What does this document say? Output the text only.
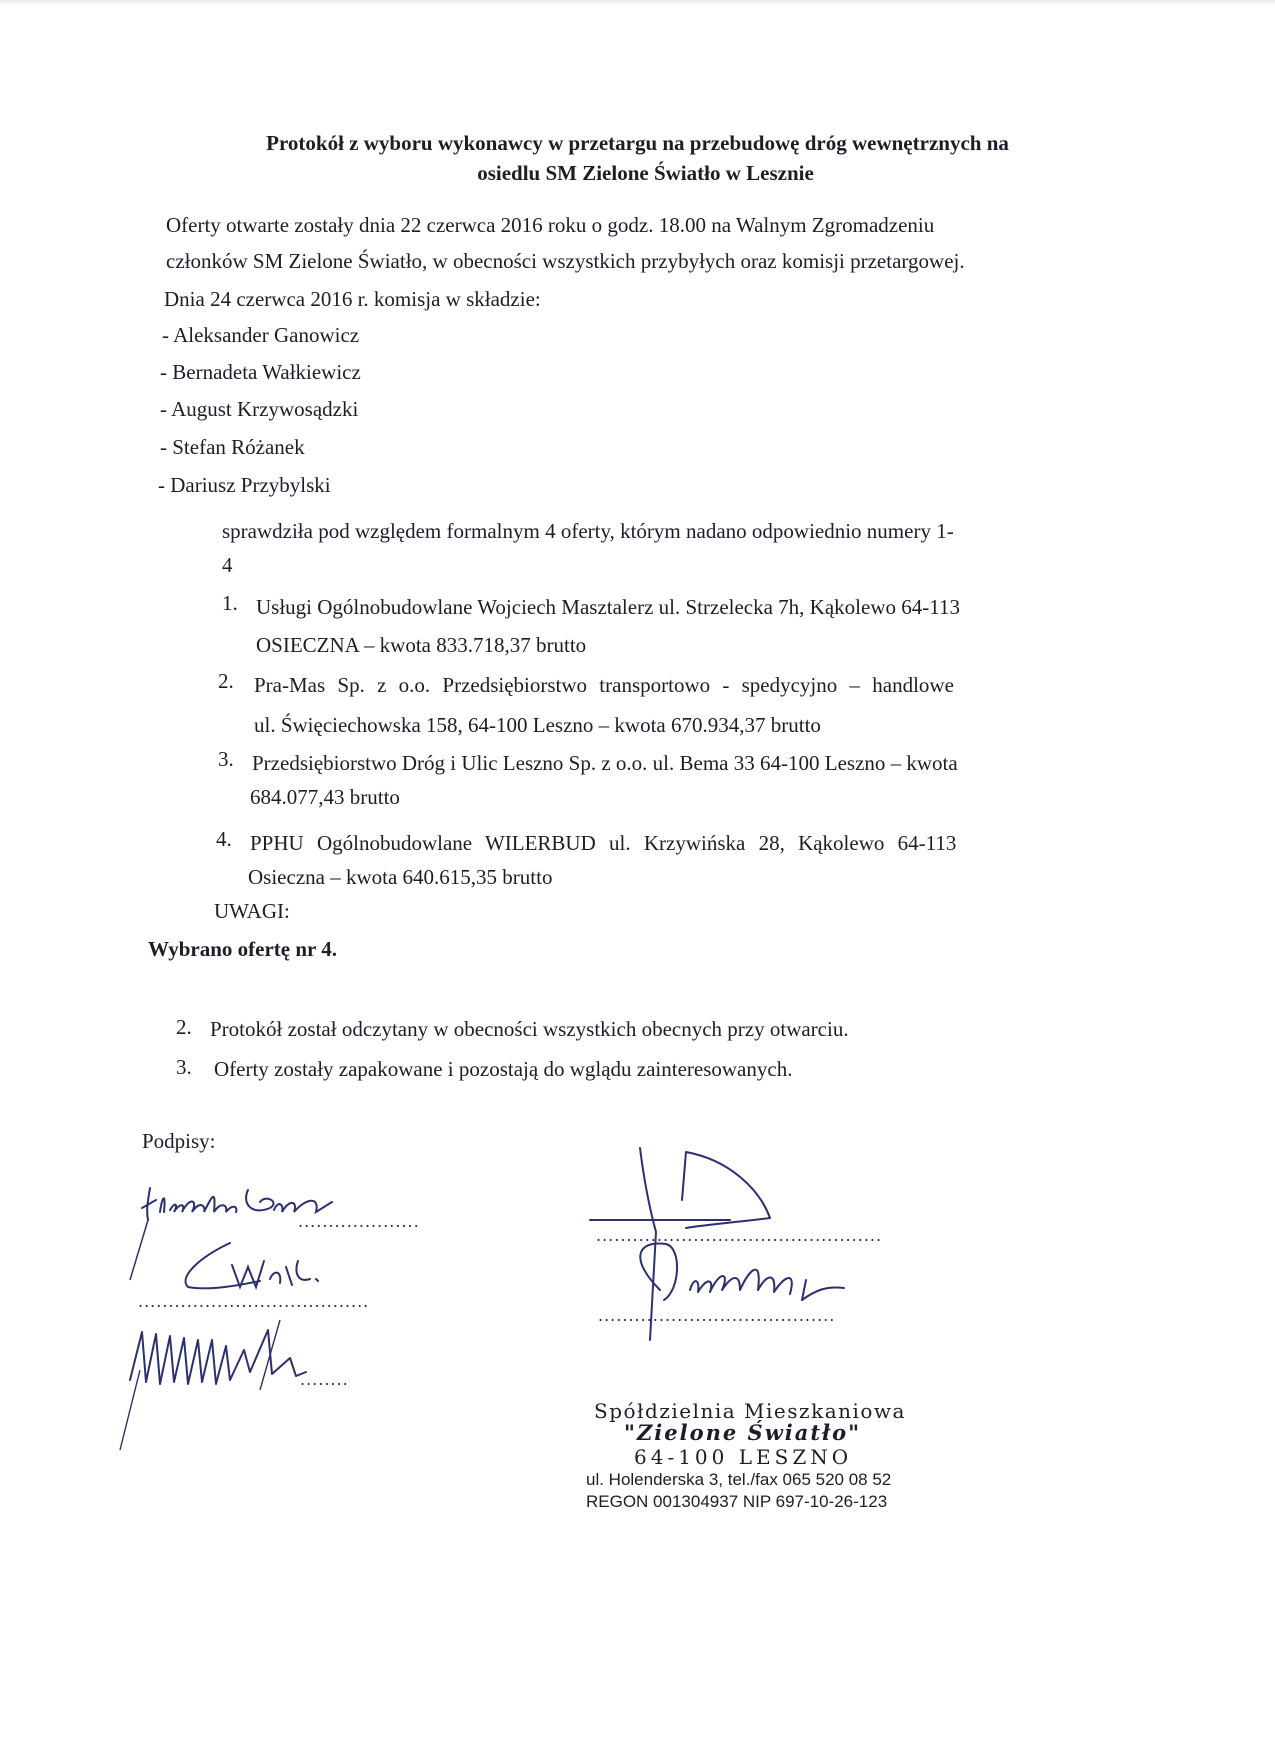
Protokół z wyboru wykonawcy w przetargu na przebudowę dróg wewnętrznych na
osiedlu SM Zielone Światło w Lesznie
Oferty otwarte zostały dnia 22 czerwca 2016 roku o godz. 18.00 na Walnym Zgromadzeniu
członków SM Zielone Światło, w obecności wszystkich przybyłych oraz komisji przetargowej.
Dnia 24 czerwca 2016 r. komisja w składzie:
- Aleksander Ganowicz
- Bernadeta Wałkiewicz
- August Krzywosądzki
- Stefan Różanek
- Dariusz Przybylski
sprawdziła pod względem formalnym 4 oferty, którym nadano odpowiednio numery 1-
4
1. Usługi Ogólnobudowlane Wojciech Masztalerz ul. Strzelecka 7h, Kąkolewo 64-113
OSIECZNA – kwota 833.718,37 brutto
2. Pra-Mas Sp. z o.o. Przedsiębiorstwo transportowo - spedycyjno – handlowe
ul. Święciechowska 158, 64-100 Leszno – kwota 670.934,37 brutto
3. Przedsiębiorstwo Dróg i Ulic Leszno Sp. z o.o. ul. Bema 33 64-100 Leszno – kwota
684.077,43 brutto
4. PPHU Ogólnobudowlane WILERBUD ul. Krzywińska 28, Kąkolewo 64-113
Osieczna – kwota 640.615,35 brutto
UWAGI:
Wybrano ofertę nr 4.
2. Protokół został odczytany w obecności wszystkich obecnych przy otwarciu.
3. Oferty zostały zapakowane i pozostają do wglądu zainteresowanych.
Podpisy:
....................
......................................
........
...............................................
.......................................
Spółdzielnia Mieszkaniowa
"Zielone Światło"
64-100 LESZNO
ul. Holenderska 3, tel./fax 065 520 08 52
REGON 001304937 NIP 697-10-26-123
